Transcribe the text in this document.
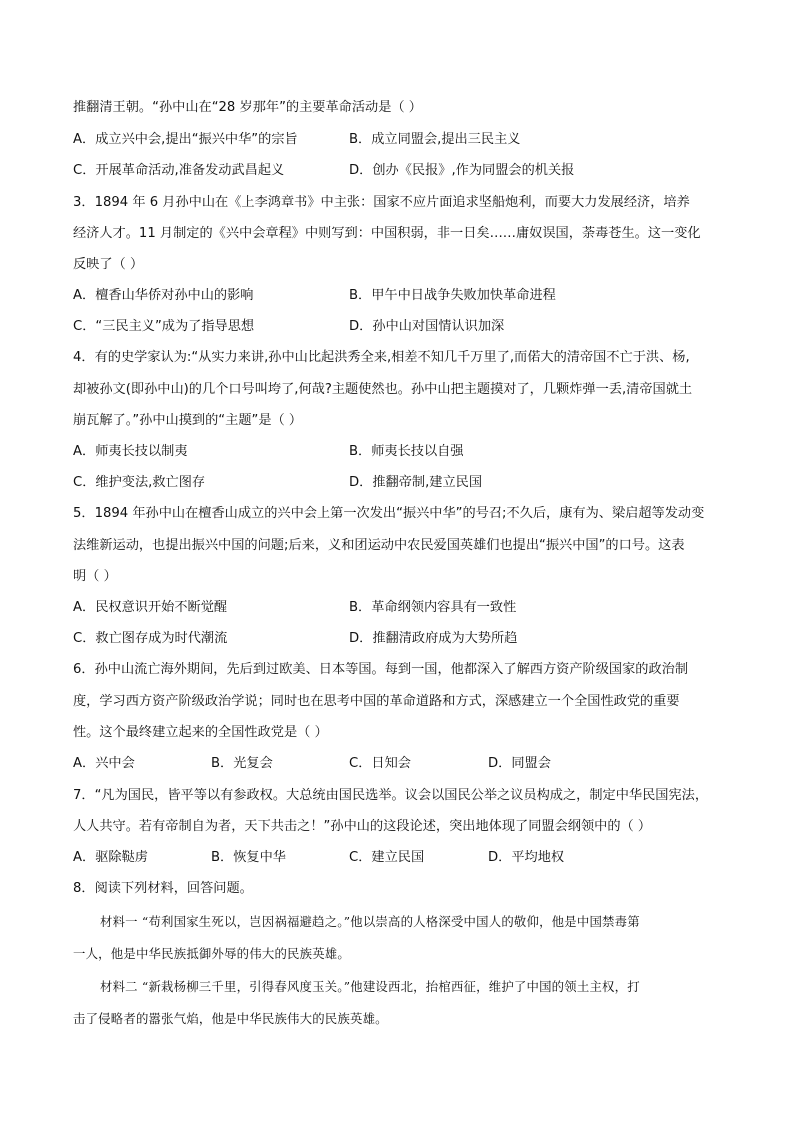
推翻清王朝。“孙中山在“28 岁那年”的主要革命活动是（ ）
A．成立兴中会,提出“振兴中华”的宗旨	B．成立同盟会,提出三民主义
C．开展革命活动,准备发动武昌起义	D．创办《民报》,作为同盟会的机关报
3．1894 年 6 月孙中山在《上李鸿章书》中主张：国家不应片面追求坚船炮利，而要大力发展经济，培养
经济人才。11 月制定的《兴中会章程》中则写到：中国积弱，非一日矣……庸奴误国，荼毒苍生。这一变化
反映了（ ）
A．檀香山华侨对孙中山的影响	B．甲午中日战争失败加快革命进程
C．“三民主义”成为了指导思想	D．孙中山对国情认识加深
4．有的史学家认为:“从实力来讲,孙中山比起洪秀全来,相差不知几千万里了,而偌大的清帝国不亡于洪、杨,
却被孙文(即孙中山)的几个口号叫垮了,何哉?主题使然也。孙中山把主题摸对了，几颗炸弹一丢,清帝国就土
崩瓦解了。”孙中山摸到的“主题”是（ ）
A．师夷长技以制夷	B．师夷长技以自强
C．维护变法,救亡图存	D．推翻帝制,建立民国
5．1894 年孙中山在檀香山成立的兴中会上第一次发出“振兴中华”的号召;不久后，康有为、梁启超等发动变
法维新运动，也提出振兴中国的问题;后来，义和团运动中农民爱国英雄们也提出“振兴中国”的口号。这表
明（ ）
A．民权意识开始不断觉醒	B．革命纲领内容具有一致性
C．救亡图存成为时代潮流	D．推翻清政府成为大势所趋
6．孙中山流亡海外期间，先后到过欧美、日本等国。每到一国，他都深入了解西方资产阶级国家的政治制
度，学习西方资产阶级政治学说；同时也在思考中国的革命道路和方式，深感建立一个全国性政党的重要
性。这个最终建立起来的全国性政党是（ ）
A．兴中会	B．光复会	C．日知会	D．同盟会
7．“凡为国民，皆平等以有参政权。大总统由国民选举。议会以国民公举之议员构成之，制定中华民国宪法，
人人共守。若有帝制自为者，天下共击之！”孙中山的这段论述，突出地体现了同盟会纲领中的（ ）
A．驱除鞑虏	B．恢复中华	C．建立民国	D．平均地权
8．阅读下列材料，回答问题。
材料一 “苟利国家生死以，岂因祸福避趋之。”他以崇高的人格深受中国人的敬仰，他是中国禁毒第
一人，他是中华民族抵御外辱的伟大的民族英雄。
材料二 “新栽杨柳三千里，引得春风度玉关。”他建设西北，抬棺西征，维护了中国的领土主权，打
击了侵略者的嚣张气焰，他是中华民族伟大的民族英雄。
